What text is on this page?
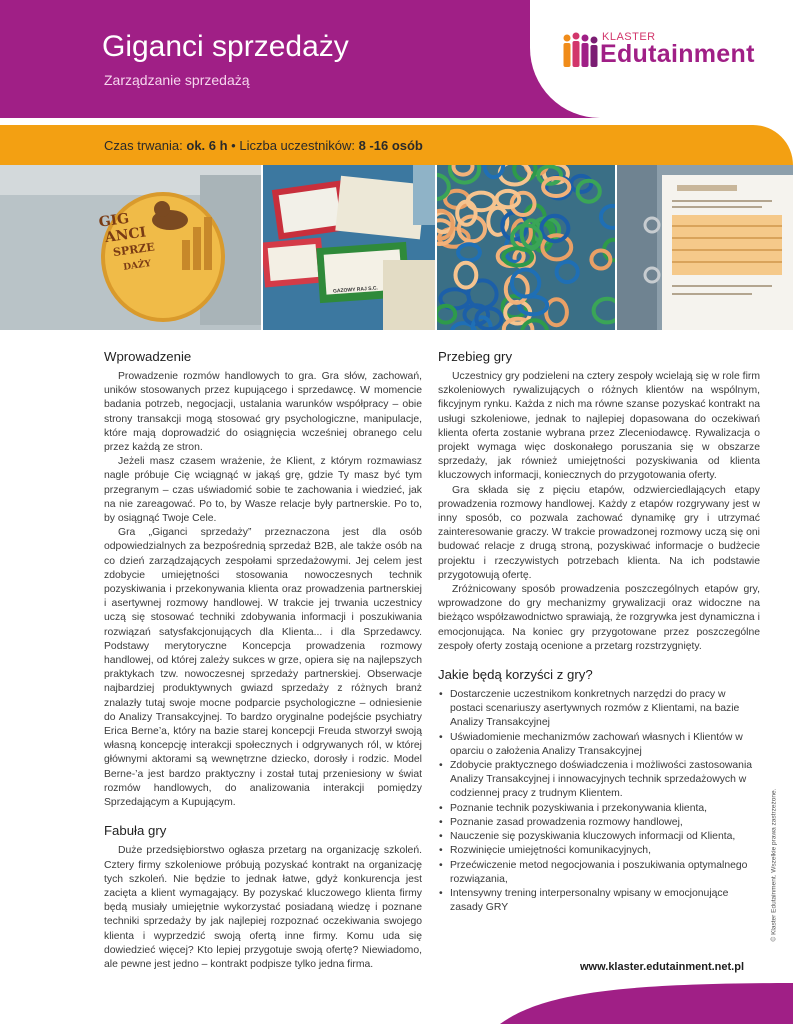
Giganci sprzedaży
Zarządzanie sprzedażą
KLASTER
Edutainment
Czas trwania: ok. 6 h • Liczba uczestników: 8 -16 osób
GIG
ANCI
SPRZE
DAŻY
GAZOWY RAJ S.C.
Wprowadzenie

Prowadzenie rozmów handlowych to gra. Gra słów, zachowań, uników stosowanych przez kupującego i sprzedawcę. W momencie badania potrzeb, negocjacji, ustalania warunków współpracy – obie strony transakcji mogą stosować gry psychologiczne, manipulacje, które mają doprowadzić do osiągnięcia wcześniej obranego celu przez każdą ze stron.

Jeżeli masz czasem wrażenie, że Klient, z którym rozmawiasz nagle próbuje Cię wciągnąć w jakąś grę, gdzie Ty masz być tym przegranym – czas uświadomić sobie te zachowania i wiedzieć, jak na nie zareagować. Po to, by Wasze relacje były partnerskie. Po to, by osiągnąć Twoje Cele.

Gra „Giganci sprzedaży” przeznaczona jest dla osób odpowiedzialnych za bezpośrednią sprzedaż B2B, ale także osób na co dzień zarządzających zespołami sprzedażowymi. Jej celem jest zdobycie umiejętności stosowania nowoczesnych technik pozyskiwania i przekonywania klienta oraz prowadzenia partnerskiej i asertywnej rozmowy handlowej. W trakcie jej trwania uczestnicy uczą się stosować techniki zdobywania informacji i poszukiwania rozwiązań satysfakcjonujących dla Klienta... i dla Sprzedawcy. Podstawy merytoryczne Koncepcja prowadzenia rozmowy handlowej, od której zależy sukces w grze, opiera się na najlepszych praktykach tzw. nowoczesnej sprzedaży partnerskiej. Obserwacje najbardziej produktywnych gwiazd sprzedaży z różnych branż znalazły tutaj swoje mocne podparcie psychologiczne – odniesienie do Analizy Transakcyjnej. To bardzo oryginalne podejście psychiatry Erica Berne’a, który na bazie starej koncepcji Freuda stworzył swoją własną koncepcję interakcji społecznych i odgrywanych ról, w której głównymi aktorami są wewnętrzne dziecko, dorosły i rodzic. Model Berne-’a jest bardzo praktyczny i został tutaj przeniesiony w świat rozmów handlowych, do analizowania interakcji pomiędzy Sprzedającym a Kupującym.

Fabuła gry

Duże przedsiębiorstwo ogłasza przetarg na organizację szkoleń. Cztery firmy szkoleniowe próbują pozyskać kontrakt na organizację tych szkoleń. Nie będzie to jednak łatwe, gdyż konkurencja jest zacięta a klient wymagający. By pozyskać kluczowego klienta firmy będą musiały umiejętnie wykorzystać posiadaną wiedzę i poznane techniki sprzedaży by jak najlepiej rozpoznać oczekiwania swojego klienta i wyprzedzić swoją ofertą inne firmy. Komu uda się dowiedzieć więcej? Kto lepiej przygotuje swoją ofertę? Niewiadomo, ale pewne jest jedno – kontrakt podpisze tylko jedna firma.

Przebieg gry

Uczestnicy gry podzieleni na cztery zespoły wcielają się w role firm szkoleniowych rywalizujących o różnych klientów na wspólnym, fikcyjnym rynku. Każda z nich ma równe szanse pozyskać kontrakt na usługi szkoleniowe, jednak to najlepiej dopasowana do oczekiwań klienta oferta zostanie wybrana przez Zleceniodawcę. Rywalizacja o projekt wymaga więc doskonałego poruszania się w obszarze sprzedaży, jak również umiejętności pozyskiwania od klienta kluczowych informacji, koniecznych do przygotowania oferty.

Gra składa się z pięciu etapów, odzwierciedlających etapy prowadzenia rozmowy handlowej. Każdy z etapów rozgrywany jest w inny sposób, co pozwala zachować dynamikę gry i utrzymać zainteresowanie graczy. W trakcie prowadzonej rozmowy uczą się oni budować relacje z drugą stroną, pozyskiwać informacje o budżecie projektu i rzeczywistych potrzebach klienta. Na ich podstawie przygotowują ofertę.

Zróżnicowany sposób prowadzenia poszczególnych etapów gry, wprowadzone do gry mechanizmy grywalizacji oraz widoczne na bieżąco współzawodnictwo sprawiają, że rozgrywka jest dynamiczna i emocjonująca. Na koniec gry przygotowane przez poszczególne zespoły oferty zostają ocenione a przetarg rozstrzygnięty.

Jakie będą korzyści z gry?
• Dostarczenie uczestnikom konkretnych narzędzi do pracy w postaci scenariuszy asertywnych rozmów z Klientami, na bazie Analizy Transakcyjnej
• Uświadomienie mechanizmów zachowań własnych i Klientów w oparciu o założenia Analizy Transakcyjnej
• Zdobycie praktycznego doświadczenia i możliwości zastosowania Analizy Transakcyjnej i innowacyjnych technik sprzedażowych w codziennej pracy z trudnym Klientem.
• Poznanie technik pozyskiwania i przekonywania klienta,
• Poznanie zasad prowadzenia rozmowy handlowej,
• Nauczenie się pozyskiwania kluczowych informacji od Klienta,
• Rozwinięcie umiejętności komunikacyjnych,
• Przećwiczenie metod negocjowania i poszukiwania optymalnego rozwiązania,
• Intensywny trening interpersonalny wpisany w emocjonujące zasady GRY	© Klaster Edutainment. Wszelkie prawa zastrzeżone.
www.klaster.edutainment.net.pl
